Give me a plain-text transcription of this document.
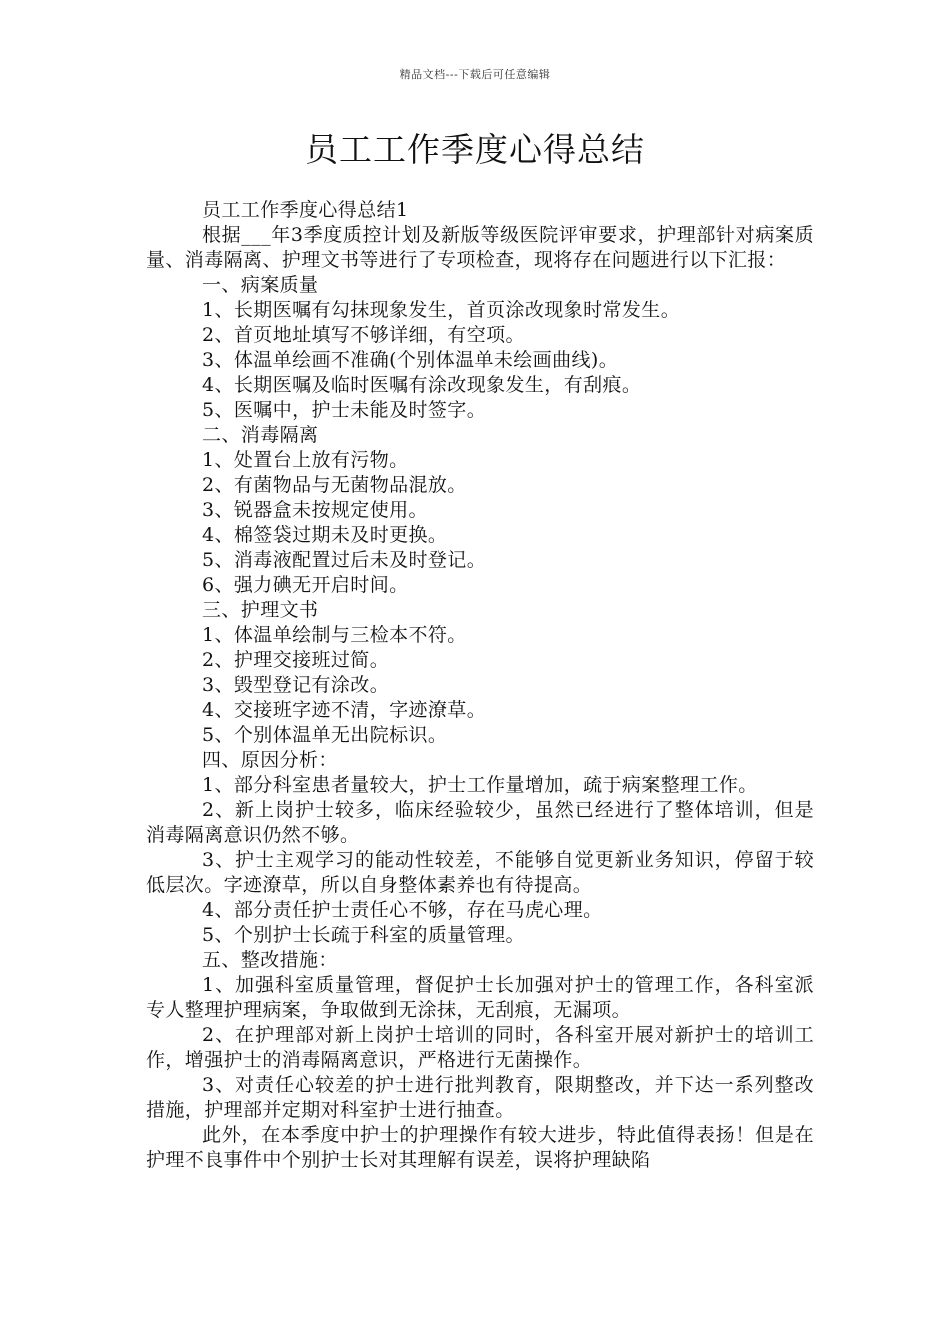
精品文档---下载后可任意编辑
员工工作季度心得总结

员工工作季度心得总结1

根据___年3季度质控计划及新版等级医院评审要求，护理部针对病案质量、消毒隔离、护理文书等进行了专项检查，现将存在问题进行以下汇报：

一、病案质量

1、长期医嘱有勾抹现象发生，首页涂改现象时常发生。

2、首页地址填写不够详细，有空项。

3、体温单绘画不准确(个别体温单未绘画曲线)。

4、长期医嘱及临时医嘱有涂改现象发生，有刮痕。

5、医嘱中，护士未能及时签字。

二、消毒隔离

1、处置台上放有污物。

2、有菌物品与无菌物品混放。

3、锐器盒未按规定使用。

4、棉签袋过期未及时更换。

5、消毒液配置过后未及时登记。

6、强力碘无开启时间。

三、护理文书

1、体温单绘制与三检本不符。

2、护理交接班过简。

3、毁型登记有涂改。

4、交接班字迹不清，字迹潦草。

5、个别体温单无出院标识。

四、原因分析：

1、部分科室患者量较大，护士工作量增加，疏于病案整理工作。

2、新上岗护士较多，临床经验较少，虽然已经进行了整体培训，但是消毒隔离意识仍然不够。

3、护士主观学习的能动性较差，不能够自觉更新业务知识，停留于较低层次。字迹潦草，所以自身整体素养也有待提高。

4、部分责任护士责任心不够，存在马虎心理。

5、个别护士长疏于科室的质量管理。

五、整改措施：

1、加强科室质量管理，督促护士长加强对护士的管理工作，各科室派专人整理护理病案，争取做到无涂抹，无刮痕，无漏项。

2、在护理部对新上岗护士培训的同时，各科室开展对新护士的培训工作，增强护士的消毒隔离意识，严格进行无菌操作。

3、对责任心较差的护士进行批判教育，限期整改，并下达一系列整改措施，护理部并定期对科室护士进行抽查。

此外，在本季度中护士的护理操作有较大进步，特此值得表扬！但是在护理不良事件中个别护士长对其理解有误差，误将护理缺陷
